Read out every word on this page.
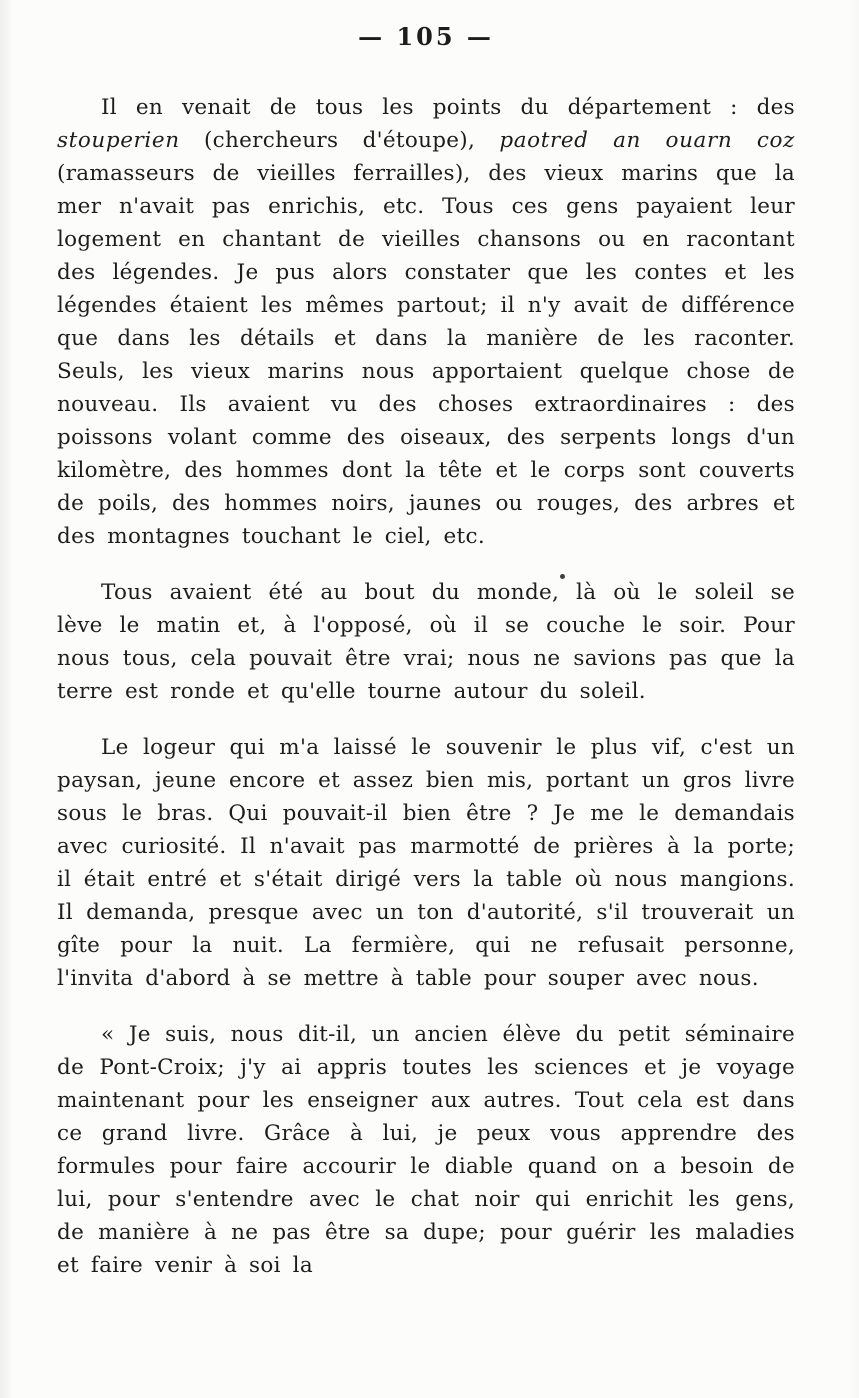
— 105 —

Il en venait de tous les points du département : des stouperien (chercheurs d'étoupe), paotred an ouarn coz (ramasseurs de vieilles ferrailles), des vieux marins que la mer n'avait pas enrichis, etc. Tous ces gens payaient leur logement en chantant de vieilles chansons ou en racontant des légendes. Je pus alors constater que les contes et les légendes étaient les mêmes partout; il n'y avait de différence que dans les détails et dans la manière de les raconter. Seuls, les vieux marins nous apportaient quelque chose de nouveau. Ils avaient vu des choses extraordinaires : des poissons volant comme des oiseaux, des serpents longs d'un kilomètre, des hommes dont la tête et le corps sont couverts de poils, des hommes noirs, jaunes ou rouges, des arbres et des montagnes touchant le ciel, etc.

Tous avaient été au bout du monde, là où le soleil se lève le matin et, à l'opposé, où il se couche le soir. Pour nous tous, cela pouvait être vrai; nous ne savions pas que la terre est ronde et qu'elle tourne autour du soleil.

Le logeur qui m'a laissé le souvenir le plus vif, c'est un paysan, jeune encore et assez bien mis, portant un gros livre sous le bras. Qui pouvait-il bien être ? Je me le demandais avec curiosité. Il n'avait pas marmotté de prières à la porte; il était entré et s'était dirigé vers la table où nous mangions. Il demanda, presque avec un ton d'autorité, s'il trouverait un gîte pour la nuit. La fermière, qui ne refusait personne, l'invita d'abord à se mettre à table pour souper avec nous.

« Je suis, nous dit-il, un ancien élève du petit séminaire de Pont-Croix; j'y ai appris toutes les sciences et je voyage maintenant pour les enseigner aux autres. Tout cela est dans ce grand livre. Grâce à lui, je peux vous apprendre des formules pour faire accourir le diable quand on a besoin de lui, pour s'entendre avec le chat noir qui enrichit les gens, de manière à ne pas être sa dupe; pour guérir les maladies et faire venir à soi la
